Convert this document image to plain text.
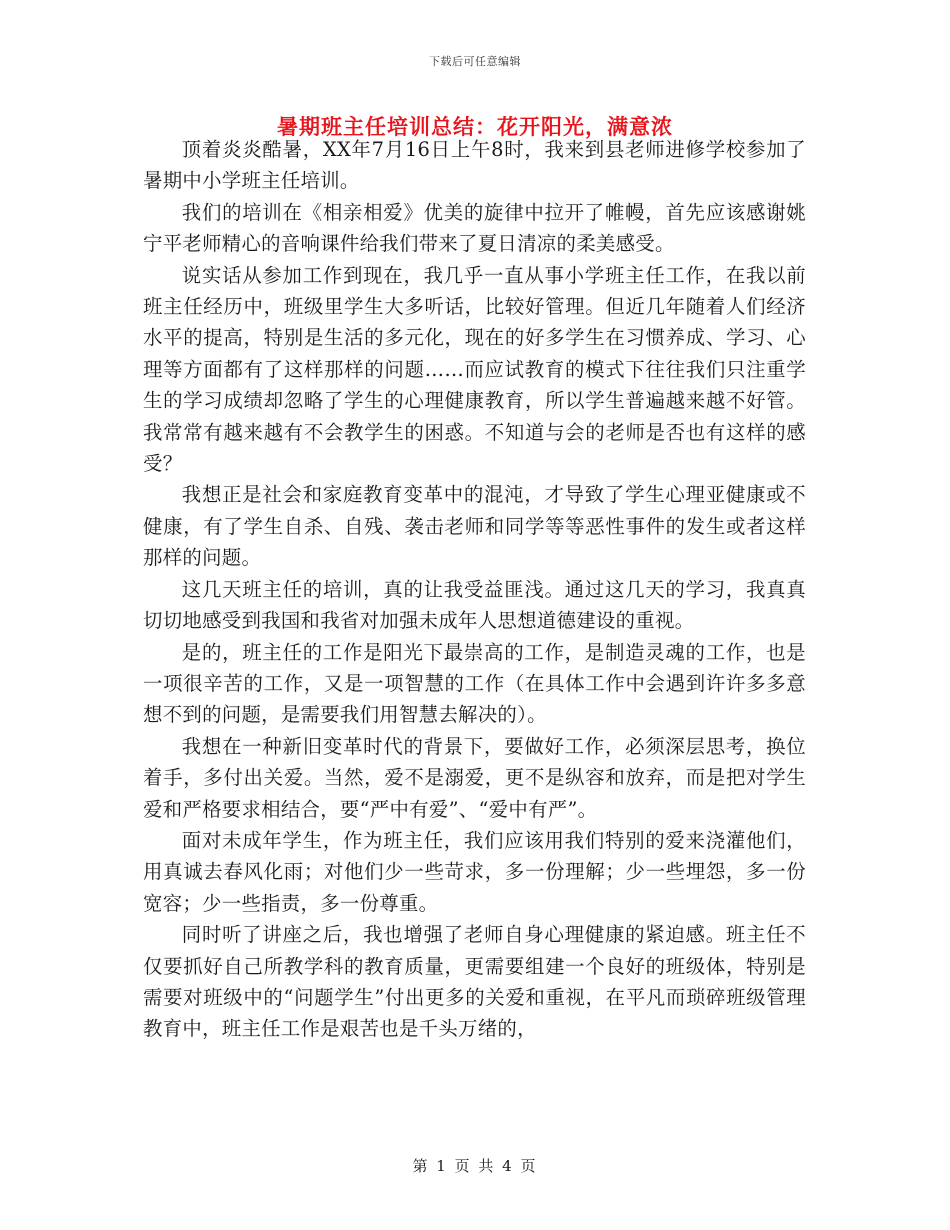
下载后可任意编辑
暑期班主任培训总结：花开阳光，满意浓

顶着炎炎酷暑，XX年7月16日上午8时，我来到县老师进修学校参加了暑期中小学班主任培训。

我们的培训在《相亲相爱》优美的旋律中拉开了帷幔，首先应该感谢姚宁平老师精心的音响课件给我们带来了夏日清凉的柔美感受。

说实话从参加工作到现在，我几乎一直从事小学班主任工作，在我以前班主任经历中，班级里学生大多听话，比较好管理。但近几年随着人们经济水平的提高，特别是生活的多元化，现在的好多学生在习惯养成、学习、心理等方面都有了这样那样的问题……而应试教育的模式下往往我们只注重学生的学习成绩却忽略了学生的心理健康教育，所以学生普遍越来越不好管。我常常有越来越有不会教学生的困惑。不知道与会的老师是否也有这样的感受？

我想正是社会和家庭教育变革中的混沌，才导致了学生心理亚健康或不健康，有了学生自杀、自残、袭击老师和同学等等恶性事件的发生或者这样那样的问题。

这几天班主任的培训，真的让我受益匪浅。通过这几天的学习，我真真切切地感受到我国和我省对加强未成年人思想道德建设的重视。

是的，班主任的工作是阳光下最崇高的工作，是制造灵魂的工作，也是一项很辛苦的工作，又是一项智慧的工作（在具体工作中会遇到许许多多意想不到的问题，是需要我们用智慧去解决的）。

我想在一种新旧变革时代的背景下，要做好工作，必须深层思考，换位着手，多付出关爱。当然，爱不是溺爱，更不是纵容和放弃，而是把对学生爱和严格要求相结合，要“严中有爱”、“爱中有严”。

面对未成年学生，作为班主任，我们应该用我们特别的爱来浇灌他们，用真诚去春风化雨；对他们少一些苛求，多一份理解；少一些埋怨，多一份宽容；少一些指责，多一份尊重。

同时听了讲座之后，我也增强了老师自身心理健康的紧迫感。班主任不仅要抓好自己所教学科的教育质量，更需要组建一个良好的班级体，特别是需要对班级中的“问题学生”付出更多的关爱和重视，在平凡而琐碎班级管理教育中，班主任工作是艰苦也是千头万绪的，

第 1 页 共 4 页
